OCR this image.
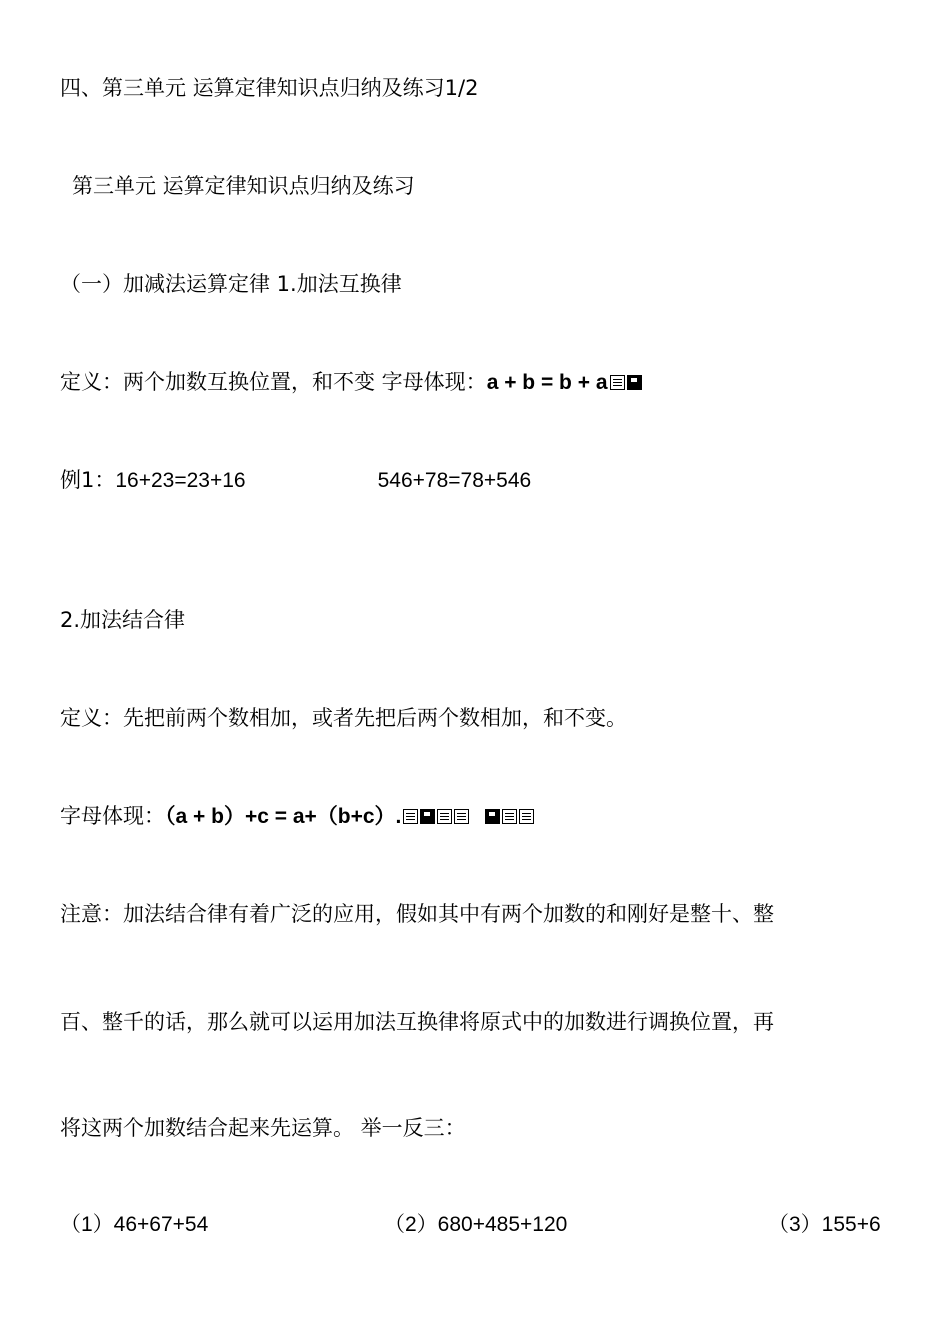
四、第三单元 运算定律知识点归纳及练习1/2
第三单元 运算定律知识点归纳及练习
（一）加减法运算定律 1.加法互换律
定义：两个加数互换位置，和不变 字母体现：a + b = b + a
例1：16+23=23+16	546+78=78+546
2.加法结合律
定义：先把前两个数相加，或者先把后两个数相加，和不变。
字母体现：（a + b）+c = a+（b+c）.
注意：加法结合律有着广泛的应用，假如其中有两个加数的和刚好是整十、整
百、整千的话，那么就可以运用加法互换律将原式中的加数进行调换位置，再
将这两个加数结合起来先运算。 举一反三：
（1）46+67+54	（2）680+485+120	（3）155+6
